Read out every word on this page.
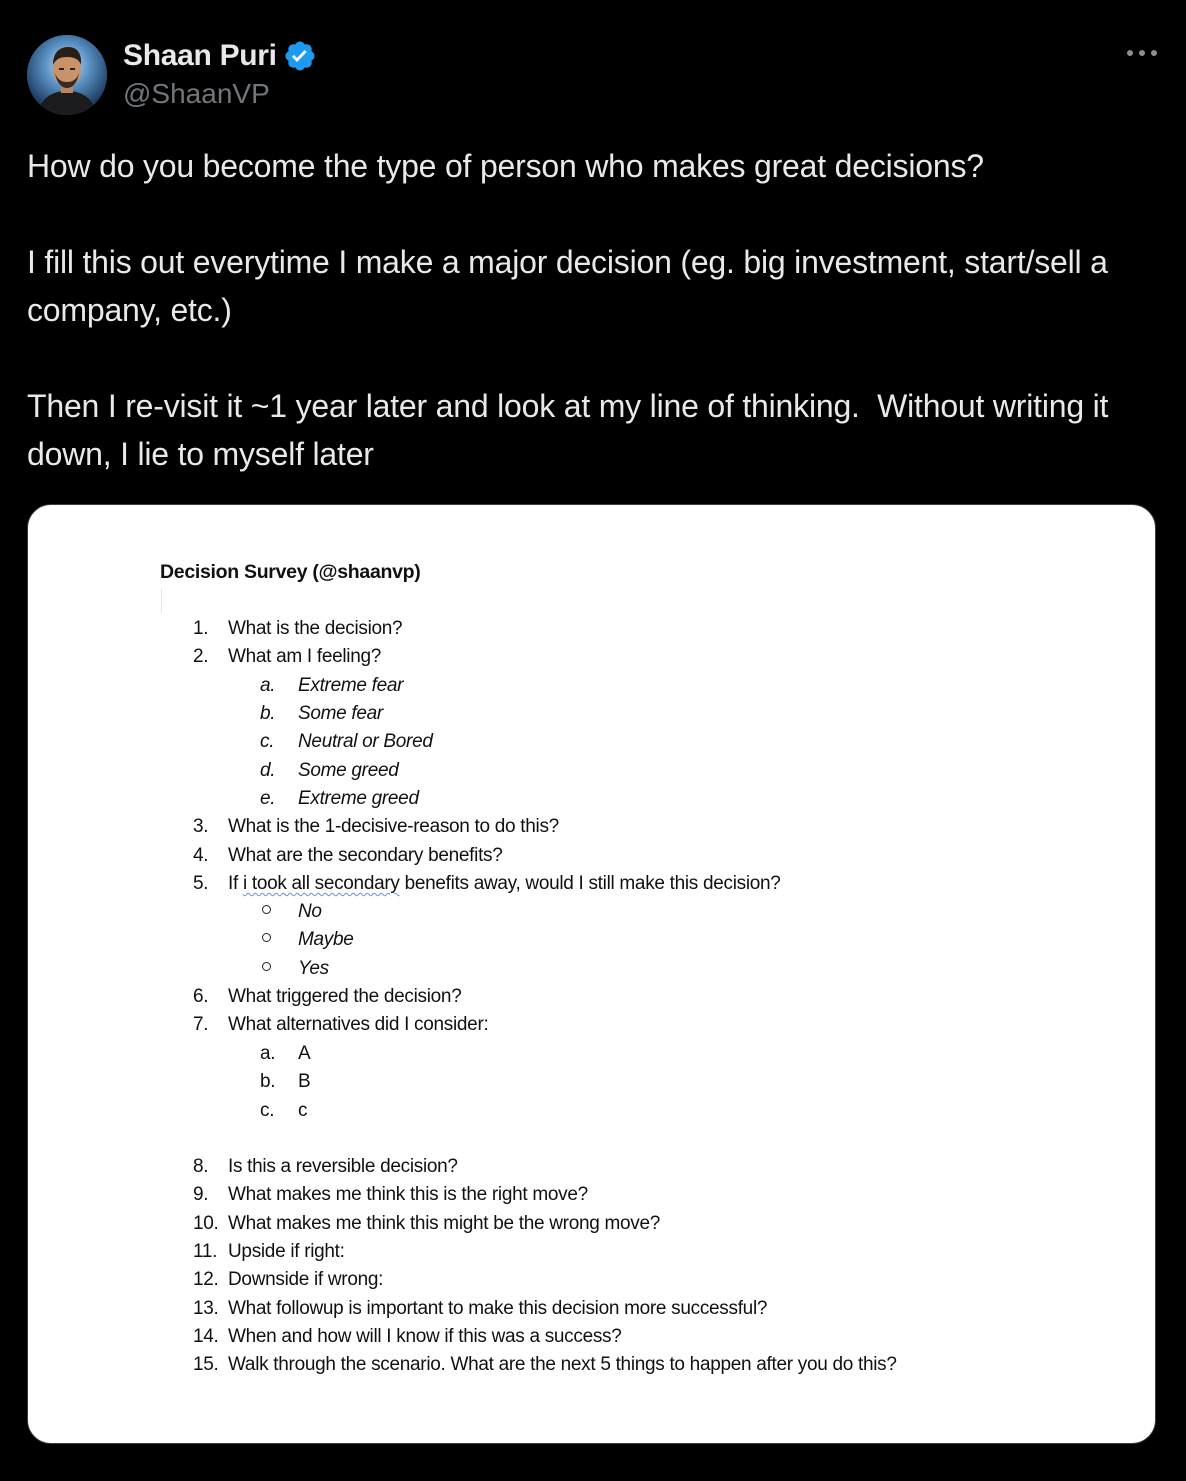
Shaan Puri
@ShaanVP

How do you become the type of person who makes great decisions?

I fill this out everytime I make a major decision (eg. big investment, start/sell a company, etc.)

Then I re-visit it ~1 year later and look at my line of thinking.  Without writing it down, I lie to myself later

Decision Survey (@shaanvp)
1.	What is the decision?
2.	What am I feeling?
a.	Extreme fear
b.	Some fear
c.	Neutral or Bored
d.	Some greed
e.	Extreme greed
3.	What is the 1-decisive-reason to do this?
4.	What are the secondary benefits?
5.	If i took all secondary benefits away, would I still make this decision?
No
Maybe
Yes
6.	What triggered the decision?
7.	What alternatives did I consider:
a.	A
b.	B
c.	c
8.	Is this a reversible decision?
9.	What makes me think this is the right move?
10. What makes me think this might be the wrong move?
11. Upside if right:
12. Downside if wrong:
13. What followup is important to make this decision more successful?
14. When and how will I know if this was a success?
15. Walk through the scenario. What are the next 5 things to happen after you do this?
